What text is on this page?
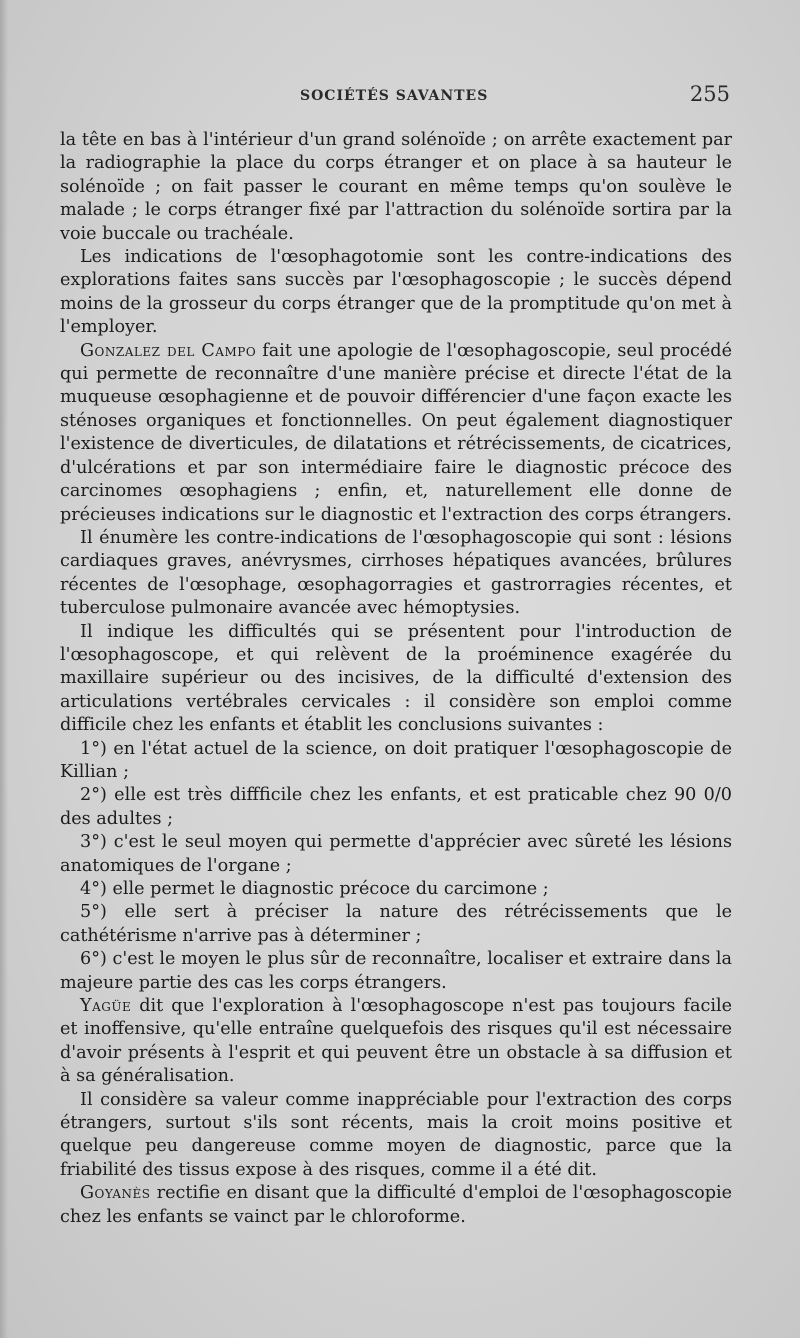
SOCIÉTÉS SAVANTES	255

la tête en bas à l'intérieur d'un grand solénoïde ; on arrête exactement par la radiographie la place du corps étranger et on place à sa hauteur le solénoïde ; on fait passer le courant en même temps qu'on soulève le malade ; le corps étranger fixé par l'attraction du solénoïde sortira par la voie buccale ou trachéale.

Les indications de l'œsophagotomie sont les contre-indications des explorations faites sans succès par l'œsophagoscopie ; le succès dépend moins de la grosseur du corps étranger que de la promptitude qu'on met à l'employer.

Gonzalez del Campo fait une apologie de l'œsophagoscopie, seul procédé qui permette de reconnaître d'une manière précise et directe l'état de la muqueuse œsophagienne et de pouvoir différencier d'une façon exacte les sténoses organiques et fonctionnelles. On peut également diagnostiquer l'existence de diverticules, de dilatations et rétrécissements, de cicatrices, d'ulcérations et par son intermédiaire faire le diagnostic précoce des carcinomes œsophagiens ; enfin, et, naturellement elle donne de précieuses indications sur le diagnostic et l'extraction des corps étrangers.

Il énumère les contre-indications de l'œsophagoscopie qui sont : lésions cardiaques graves, anévrysmes, cirrhoses hépatiques avancées, brûlures récentes de l'œsophage, œsophagorragies et gastrorragies récentes, et tuberculose pulmonaire avancée avec hémoptysies.

Il indique les difficultés qui se présentent pour l'introduction de l'œsophagoscope, et qui relèvent de la proéminence exagérée du maxillaire supérieur ou des incisives, de la difficulté d'extension des articulations vertébrales cervicales : il considère son emploi comme difficile chez les enfants et établit les conclusions suivantes :

1°) en l'état actuel de la science, on doit pratiquer l'œsophagoscopie de Killian ;

2°) elle est très diffficile chez les enfants, et est praticable chez 90 0/0 des adultes ;

3°) c'est le seul moyen qui permette d'apprécier avec sûreté les lésions anatomiques de l'organe ;

4°) elle permet le diagnostic précoce du carcimone ;

5°) elle sert à préciser la nature des rétrécissements que le cathétérisme n'arrive pas à déterminer ;

6°) c'est le moyen le plus sûr de reconnaître, localiser et extraire dans la majeure partie des cas les corps étrangers.

Yagüe dit que l'exploration à l'œsophagoscope n'est pas toujours facile et inoffensive, qu'elle entraîne quelquefois des risques qu'il est nécessaire d'avoir présents à l'esprit et qui peuvent être un obstacle à sa diffusion et à sa généralisation.

Il considère sa valeur comme inappréciable pour l'extraction des corps étrangers, surtout s'ils sont récents, mais la croit moins positive et quelque peu dangereuse comme moyen de diagnostic, parce que la friabilité des tissus expose à des risques, comme il a été dit.

Goyanès rectifie en disant que la difficulté d'emploi de l'œsophagoscopie chez les enfants se vainct par le chloroforme.
